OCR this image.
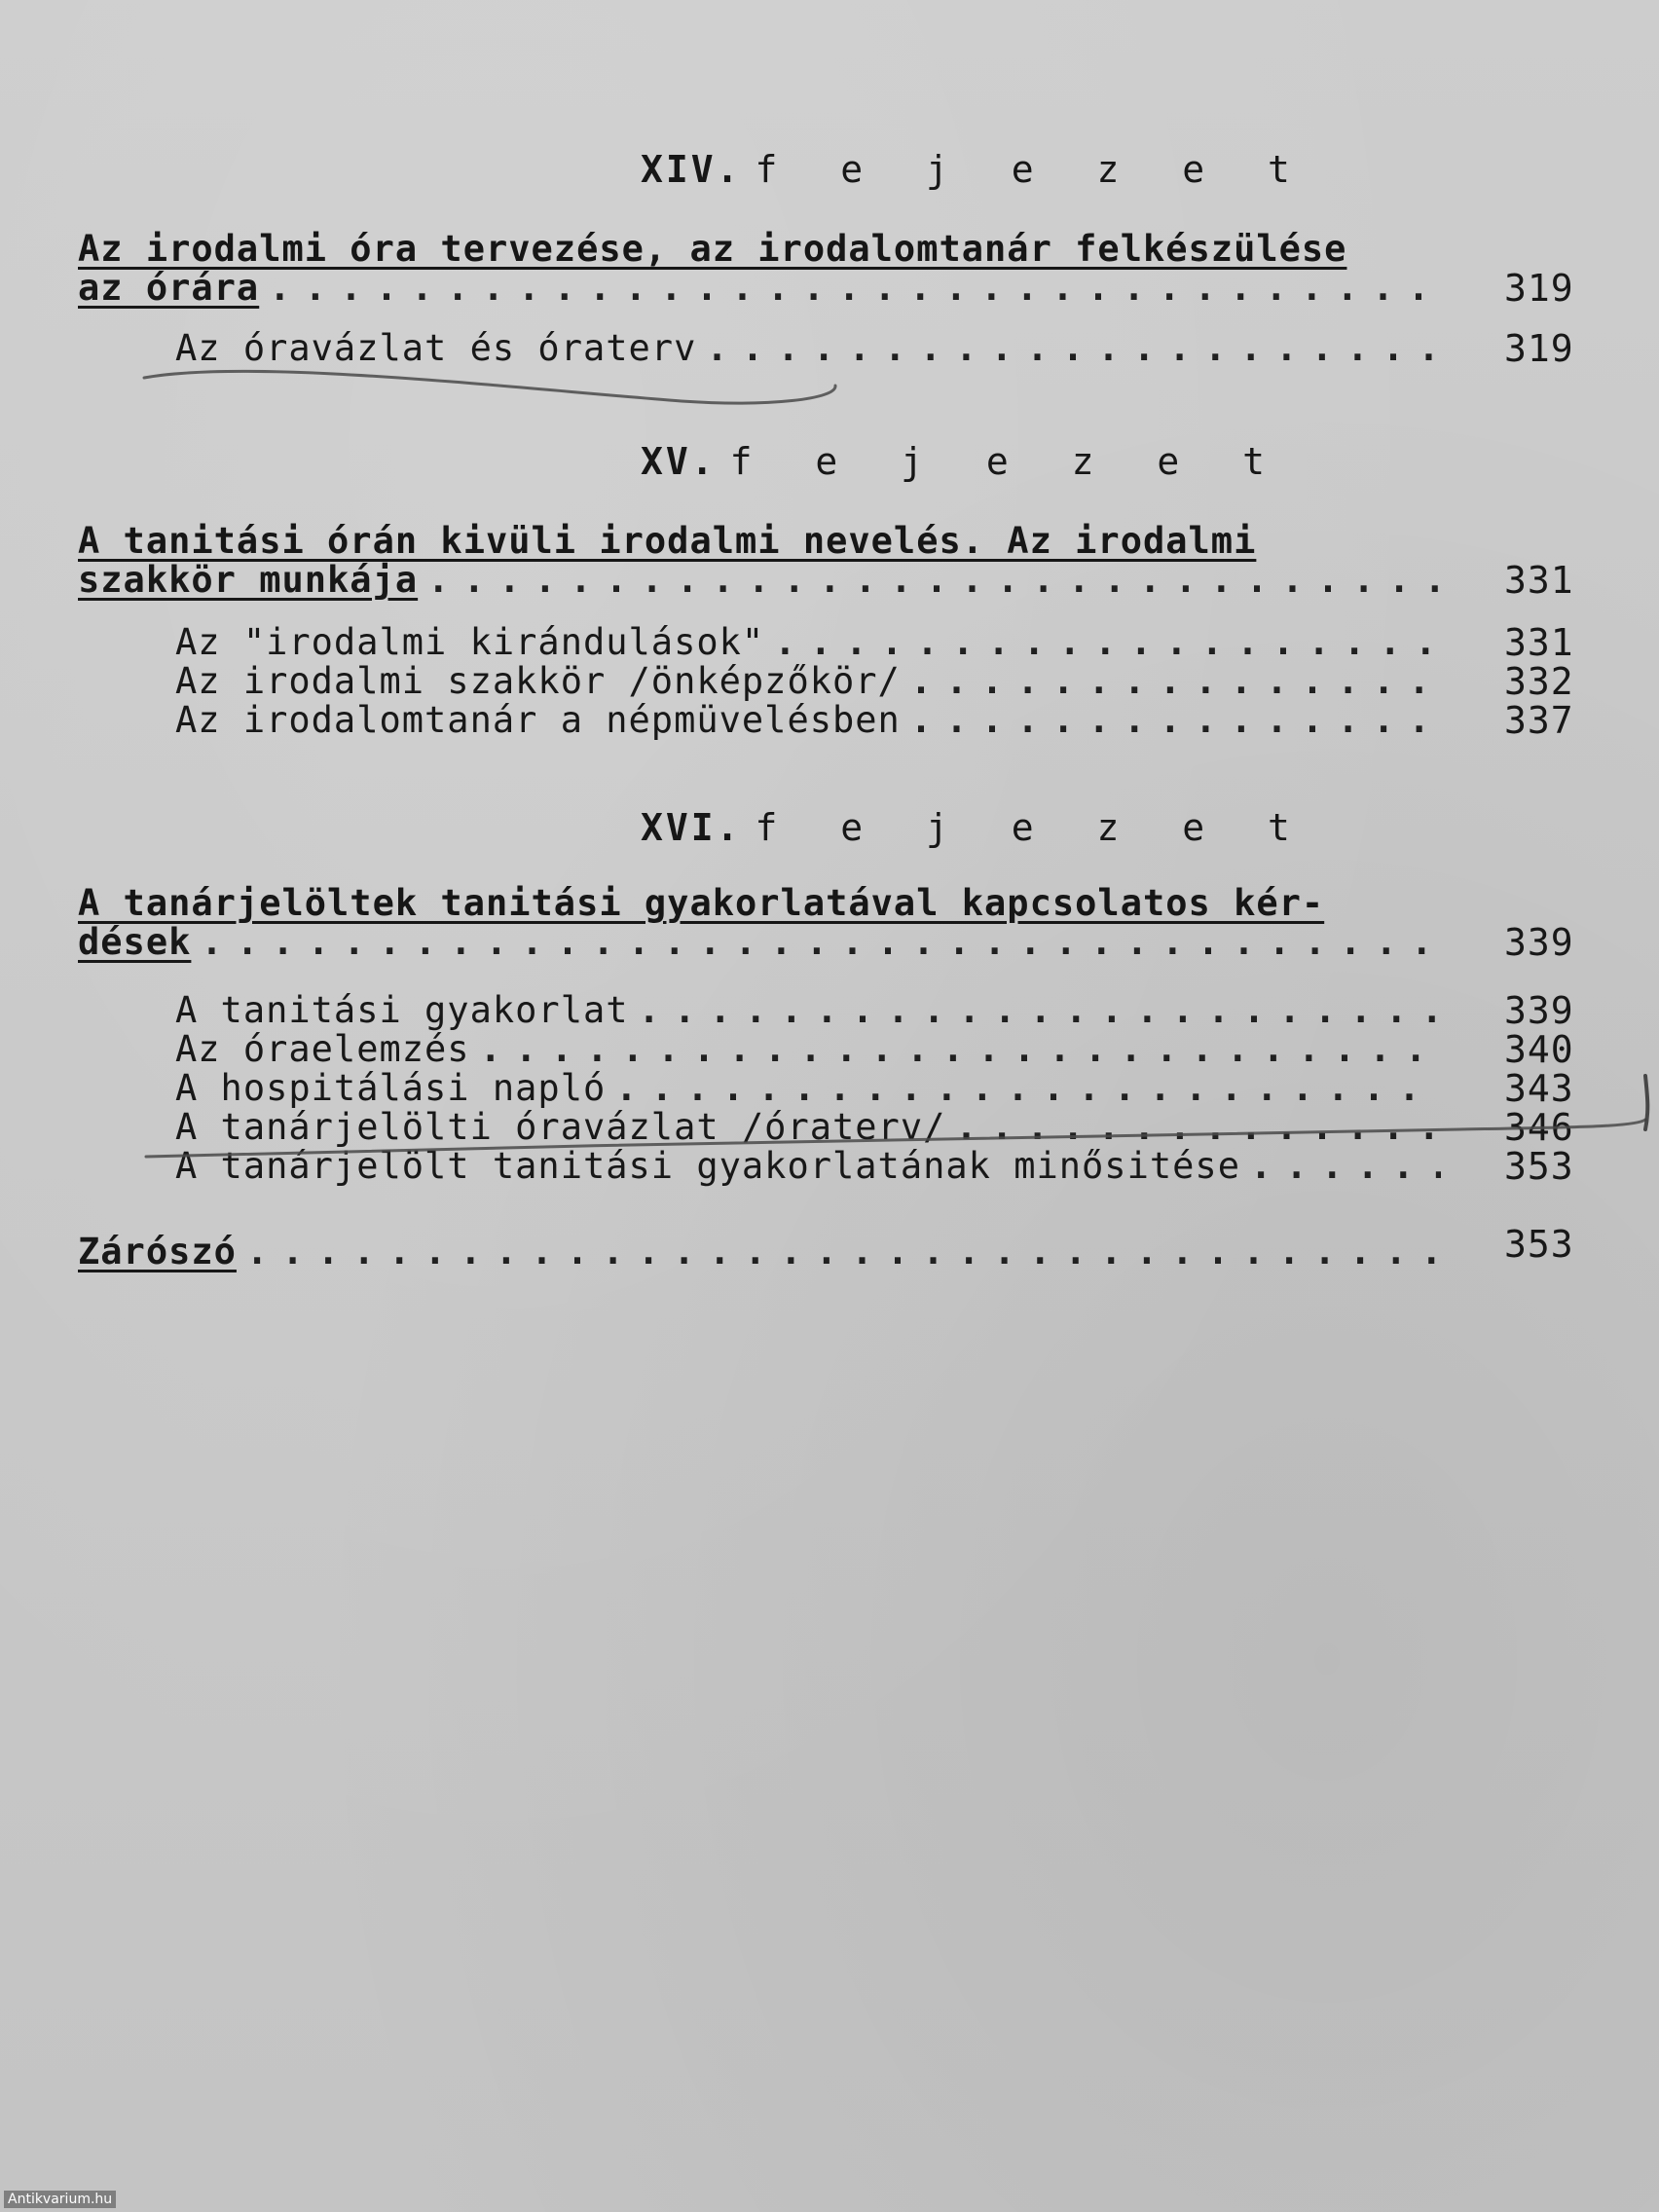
XIV. f e j e z e t
Az irodalmi óra tervezése, az irodalomtanár felkészülése
az órára . . .	319
Az óravázlat és óraterv . . .	319
XV. f e j e z e t
A tanitási órán kivüli irodalmi nevelés. Az irodalmi
szakkör munkája . . .	331
Az "irodalmi kirándulások" . . .	331
Az irodalmi szakkör /önképzőkör/ . . .	332
Az irodalomtanár a népmüvelésben . . .	337
XVI. f e j e z e t
A tanárjelöltek tanitási gyakorlatával kapcsolatos kér-
dések . . .	339
A tanitási gyakorlat . . .	339
Az óraelemzés . . .	340
A hospitálási napló . . .	343
A tanárjelölti óravázlat /óraterv/ . . .	346
A tanárjelölt tanitási gyakorlatának minősitése . . .	353
Zárószó . . .	353
Antikvarium.hu
